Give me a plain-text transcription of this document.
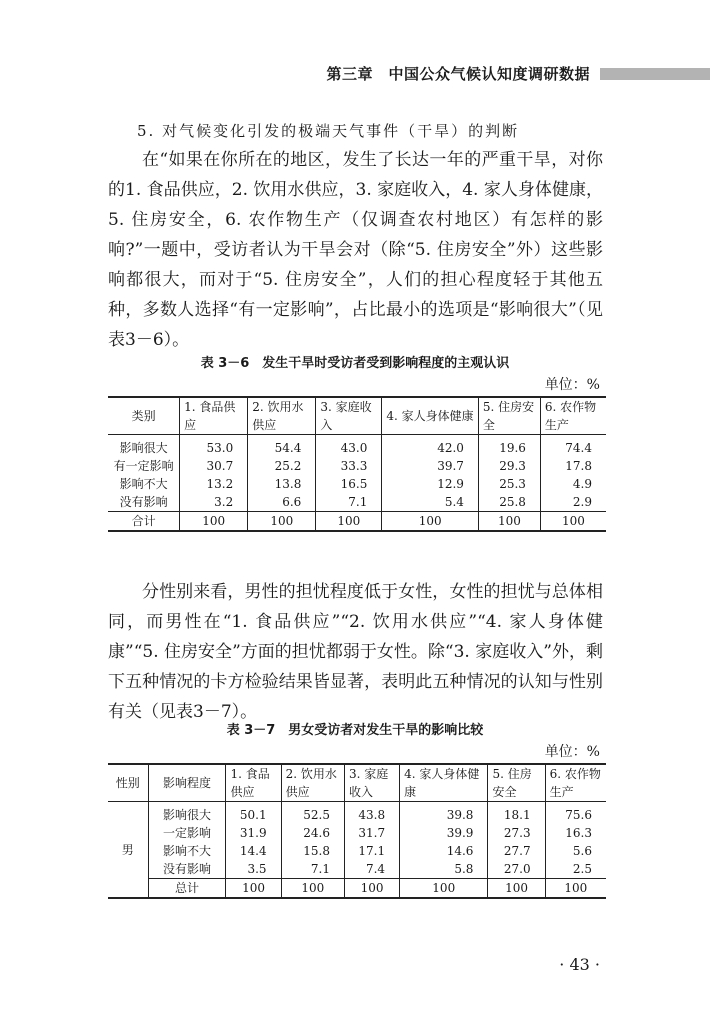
第三章　中国公众气候认知度调研数据
5. 对气候变化引发的极端天气事件（干旱）的判断

在“如果在你所在的地区，发生了长达一年的严重干旱，对你的1. 食品供应，2. 饮用水供应，3. 家庭收入，4. 家人身体健康，5. 住房安全，6. 农作物生产（仅调查农村地区）有怎样的影响?”一题中，受访者认为干旱会对（除“5. 住房安全”外）这些影响都很大，而对于“5. 住房安全”，人们的担心程度轻于其他五种，多数人选择“有一定影响”，占比最小的选项是“影响很大”（见表3－6）。

表 3－6　发生干旱时受访者受到影响程度的主观认识
单位：%
类别	1. 食品供应	2. 饮用水供应	3. 家庭收入	4. 家人身体健康	5. 住房安全	6. 农作物生产
影响很大	53.0	54.4	43.0	42.0	19.6	74.4
有一定影响	30.7	25.2	33.3	39.7	29.3	17.8
影响不大	13.2	13.8	16.5	12.9	25.3	4.9
没有影响	3.2	6.6	7.1	5.4	25.8	2.9
合计	100	100	100	100	100	100

分性别来看，男性的担忧程度低于女性，女性的担忧与总体相同，而男性在“1. 食品供应”“2. 饮用水供应”“4. 家人身体健康”“5. 住房安全”方面的担忧都弱于女性。除“3. 家庭收入”外，剩下五种情况的卡方检验结果皆显著，表明此五种情况的认知与性别有关（见表3－7）。

表 3－7　男女受访者对发生干旱的影响比较
单位：%
性别	影响程度	1. 食品供应	2. 饮用水供应	3. 家庭收入	4. 家人身体健康	5. 住房安全	6. 农作物生产
男	影响很大	50.1	52.5	43.8	39.8	18.1	75.6
	一定影响	31.9	24.6	31.7	39.9	27.3	16.3
	影响不大	14.4	15.8	17.1	14.6	27.7	5.6
	没有影响	3.5	7.1	7.4	5.8	27.0	2.5
	总计	100	100	100	100	100	100
· 43 ·
